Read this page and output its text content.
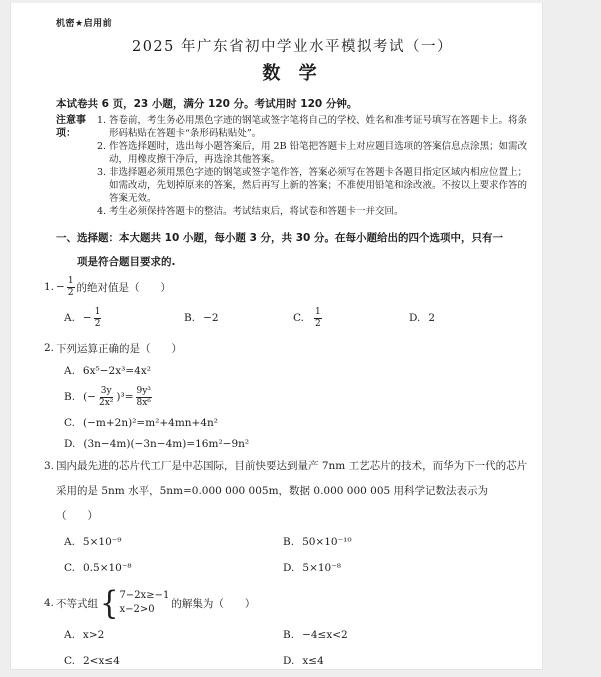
机密★启用前
2025 年广东省初中学业水平模拟考试（一）
数 学
本试卷共 6 页，23 小题，满分 120 分。考试用时 120 分钟。
注意事项：
1. 答卷前，考生务必用黑色字迹的钢笔或签字笔将自己的学校、姓名和准考证号填写在答题卡上。将条形码粘贴在答题卡“条形码粘贴处”。
2. 作答选择题时，选出每小题答案后，用 2B 铅笔把答题卡上对应题目选项的答案信息点涂黑；如需改动，用橡皮擦干净后，再选涂其他答案。
3. 非选择题必须用黑色字迹的钢笔或签字笔作答，答案必须写在答题卡各题目指定区域内相应位置上；如需改动，先划掉原来的答案，然后再写上新的答案；不准使用铅笔和涂改液。不按以上要求作答的答案无效。
4. 考生必须保持答题卡的整洁。考试结束后，将试卷和答题卡一并交回。
一、选择题：本大题共 10 小题，每小题 3 分，共 30 分。在每小题给出的四个选项中，只有一
项是符合题目要求的.
1. − $\frac{1}{2}$ 的绝对值是（　　）
A. − $\frac{1}{2}$	B. −2	C. $\frac{1}{2}$	D. 2
2. 下列运算正确的是（　　）
A. 6x⁵−2x³=4x²
B. (− $\frac{3y}{\text{2x²}} )^3= \frac{\text{9y³}}{\text{8x⁶}}$
C. (−m+2n)²=m²+4mn+4n²
D. (3n−4m)(−3n−4m)=16m²−9n²
3. 国内最先进的芯片代工厂是中芯国际，目前快要达到量产 7nm 工艺芯片的技术，而华为下一代的芯片采用的是 5nm 水平，5nm=0.000 000 005m，数据 0.000 000 005 用科学记数法表示为
（　　）
A. 5×10⁻⁹	B. 50×10⁻¹⁰
C. 0.5×10⁻⁸	D. 5×10⁻⁸
4. 不等式组 { 7−2x≥−1
x−2>0	的解集为（　　）
A. x>2	B. −4≤x<2
C. 2<x≤4	D. x≤4
